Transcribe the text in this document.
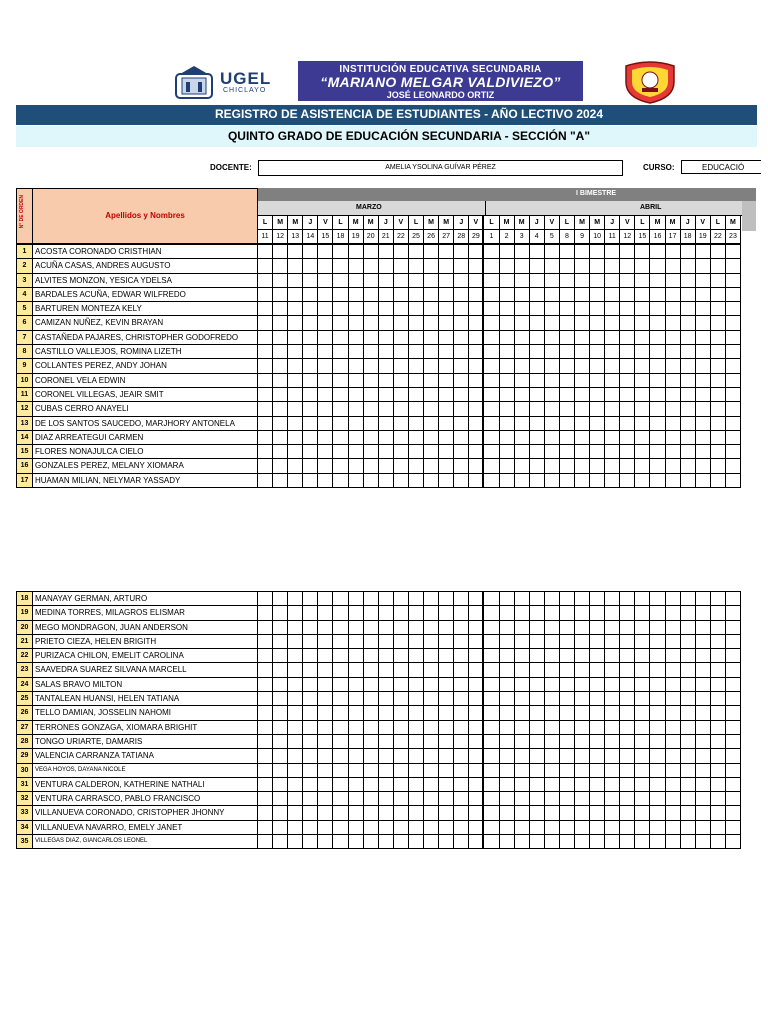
UGEL
CHICLAYO
INSTITUCIÓN EDUCATIVA SECUNDARIA
“MARIANO MELGAR VALDIVIEZO”
JOSÉ LEONARDO ORTIZ
REGISTRO DE ASISTENCIA DE ESTUDIANTES - AÑO LECTIVO 2024
QUINTO GRADO DE EDUCACIÓN SECUNDARIA - SECCIÓN "A"
DOCENTE:	AMELIA YSOLINA GUÍVAR PÉREZ	CURSO:	EDUCACIÓ
N° DE ORDEN	Apellidos y Nombres
I BIMESTRE
MARZO	ABRIL
L	M	M	J	V	L	M	M	J	V	L	M	M	J	V	L	M	M	J	V	L	M	M	J	V	L	M	M	J	V	L	M
11	12	13	14	15	18	19	20	21	22	25	26	27	28 29	1	2	3	4	5	8	9	10	11	12	15	16	17	18	19	22	23
1	ACOSTA CORONADO CRISTHIAN
2	ACUÑA CASAS, ANDRES AUGUSTO
3	ALVITES MONZON, YESICA YDELSA
4	BARDALES ACUÑA, EDWAR WILFREDO
5	BARTUREN MONTEZA KELY
6	CAMIZAN NUÑEZ, KEVIN BRAYAN
7	CASTAÑEDA PAJARES, CHRISTOPHER GODOFREDO
8	CASTILLO VALLEJOS, ROMINA LIZETH
9	COLLANTES PEREZ, ANDY JOHAN
10 CORONEL VELA EDWIN
11 CORONEL VILLEGAS, JEAIR SMIT
12 CUBAS CERRO ANAYELI
13 DE LOS SANTOS SAUCEDO, MARJHORY ANTONELA
14 DIAZ ARREATEGUI CARMEN
15 FLORES NONAJULCA CIELO
16 GONZALES PEREZ, MELANY XIOMARA
17 HUAMAN MILIAN, NELYMAR YASSADY
18 MANAYAY GERMAN, ARTURO
19 MEDINA TORRES, MILAGROS ELISMAR
20 MEGO MONDRAGON, JUAN ANDERSON
21 PRIETO CIEZA, HELEN BRIGITH
22 PURIZACA CHILON, EMELIT CAROLINA
23 SAAVEDRA SUAREZ SILVANA MARCELL
24 SALAS BRAVO MILTON
25 TANTALEAN HUANSI, HELEN TATIANA
26 TELLO DAMIAN, JOSSELIN NAHOMI
27 TERRONES GONZAGA, XIOMARA BRIGHIT
28 TONGO URIARTE, DAMARIS
29 VALENCIA CARRANZA TATIANA
30	VEGA HOYOS, DAYANA NICOLE
31 VENTURA CALDERON, KATHERINE NATHALI
32 VENTURA CARRASCO, PABLO FRANCISCO
33 VILLANUEVA CORONADO, CRISTOPHER JHONNY
34 VILLANUEVA NAVARRO, EMELY JANET
35	VILLEGAS DIAZ, GIANCARLOS LEONEL
